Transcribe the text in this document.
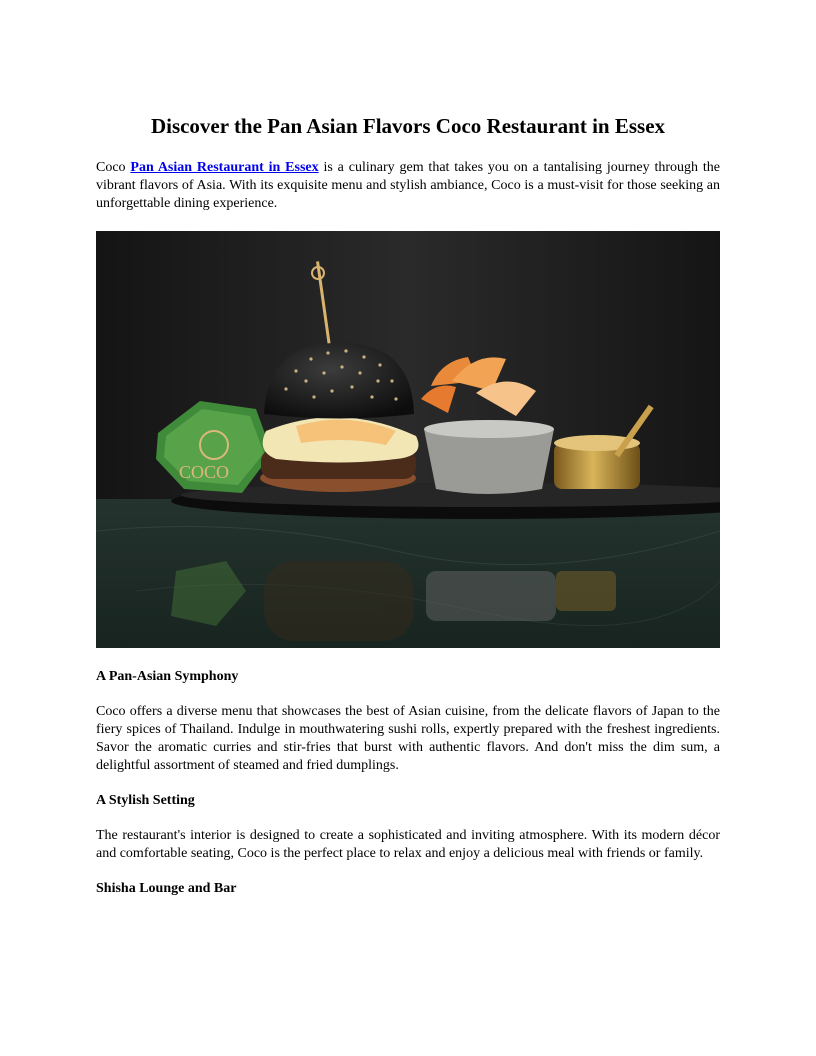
Discover the Pan Asian Flavors Coco Restaurant in Essex

Coco Pan Asian Restaurant in Essex is a culinary gem that takes you on a tantalising journey through the vibrant flavors of Asia. With its exquisite menu and stylish ambiance, Coco is a must-visit for those seeking an unforgettable dining experience.

COCO
A Pan-Asian Symphony

Coco offers a diverse menu that showcases the best of Asian cuisine, from the delicate flavors of Japan to the fiery spices of Thailand. Indulge in mouthwatering sushi rolls, expertly prepared with the freshest ingredients. Savor the aromatic curries and stir-fries that burst with authentic flavors. And don't miss the dim sum, a delightful assortment of steamed and fried dumplings.

A Stylish Setting

The restaurant's interior is designed to create a sophisticated and inviting atmosphere. With its modern décor and comfortable seating, Coco is the perfect place to relax and enjoy a delicious meal with friends or family.

Shisha Lounge and Bar
